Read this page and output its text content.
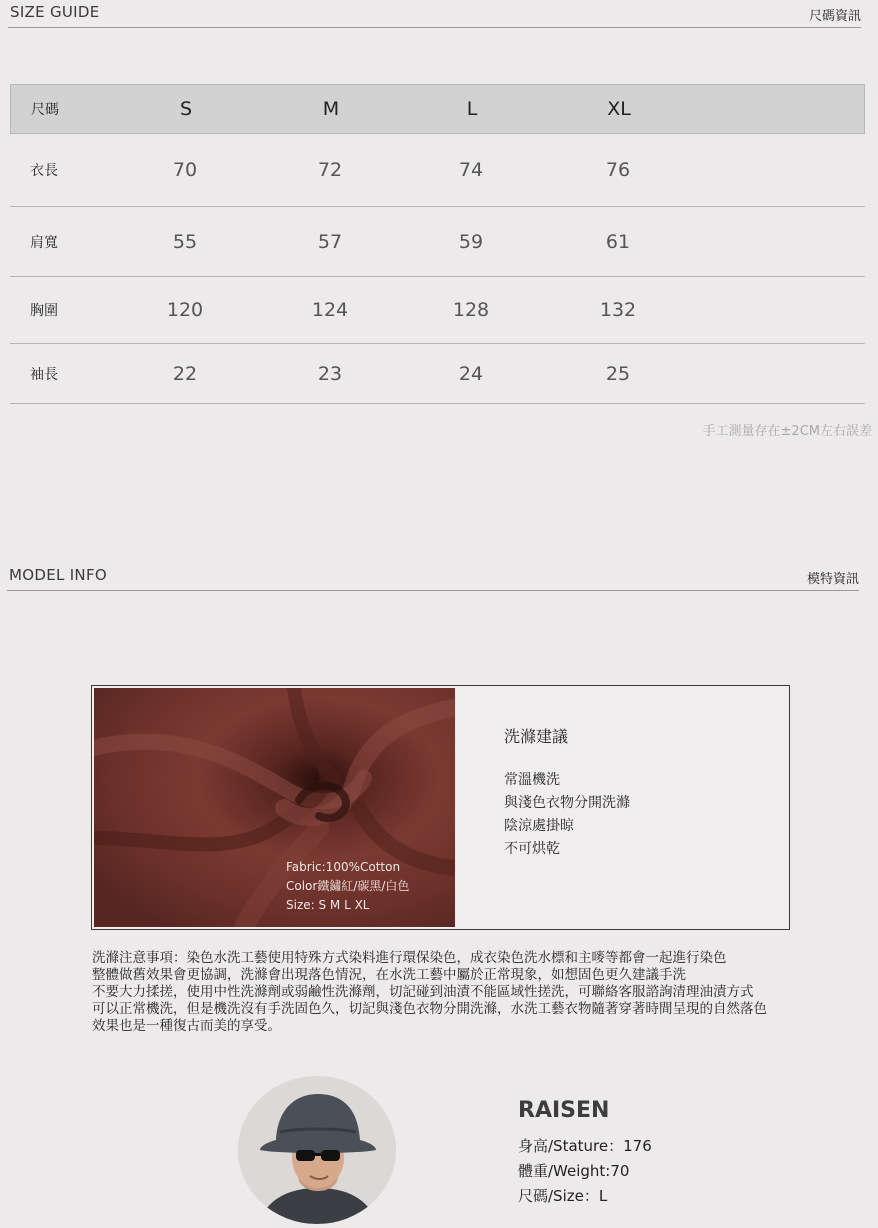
SIZE GUIDE	尺碼資訊
尺碼	S	M	L	XL
衣長	70	72	74	76
肩寬	55	57	59	61
胸圍	120	124	128	132
袖長	22	23	24	25
手工測量存在±2CM左右誤差
MODEL INFO	模特資訊
Fabric:100%Cotton
Color鐵鏽紅/碳黑/白色
Size: S M L XL
洗滌建議
常溫機洗
與淺色衣物分開洗滌
陰涼處掛晾
不可烘乾
洗滌注意事項：染色水洗工藝使用特殊方式染料進行環保染色，成衣染色洗水標和主嘜等都會一起進行染色
整體做舊效果會更協調，洗滌會出現落色情況，在水洗工藝中屬於正常現象，如想固色更久建議手洗
不要大力揉搓，使用中性洗滌劑或弱鹼性洗滌劑，切記碰到油漬不能區域性搓洗，可聯絡客服諮詢清理油漬方式
可以正常機洗，但是機洗沒有手洗固色久，切記與淺色衣物分開洗滌，水洗工藝衣物隨著穿著時間呈現的自然落色
效果也是一種復古而美的享受。
RAISEN
身高/Stature：176
體重/Weight:70
尺碼/Size：L
